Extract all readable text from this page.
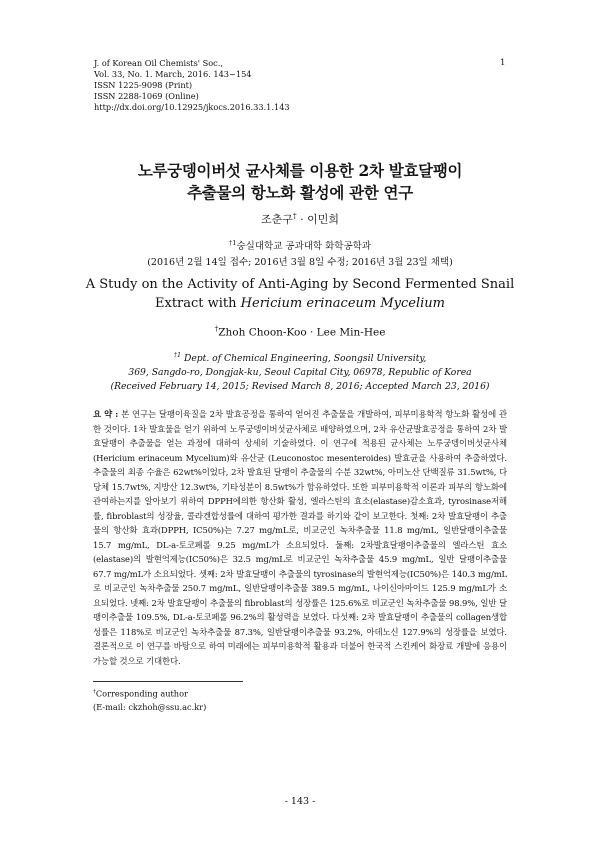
J. of Korean Oil Chemists' Soc.,
Vol. 33, No. 1. March, 2016. 143~154
ISSN 1225-9098 (Print)
ISSN 2288-1069 (Online)
http://dx.doi.org/10.12925/jkocs.2016.33.1.143
1
노루궁뎅이버섯 균사체를 이용한 2차 발효달팽이
추출물의 항노화 활성에 관한 연구
조춘구† · 이민희
$^{\dagger 1}$숭실대학교 공과대학 화학공학과
(2016년 2월 14일 접수; 2016년 3월 8일 수정; 2016년 3월 23일 채택)
A Study on the Activity of Anti-Aging by Second Fermented Snail
Extract with Hericium erinaceum Mycelium
†Zhoh Choon-Koo · Lee Min-Hee
$^{\dagger 1}$ Dept. of Chemical Engineering, Soongsil University,
369, Sangdo-ro, Dongjak-ku, Seoul Capital City, 06978, Republic of Korea
(Received February 14, 2015; Revised March 8, 2016; Accepted March 23, 2016)
요 약 : 본 연구는 달팽이육질을 2차 발효공정을 통하여 얻어진 추출물을 개발하여, 피부미용학적 항노화 활성에 관한 것이다. 1차 발효물을 얻기 위하여 노루궁뎅이버섯균사체로 배양하였으며, 2차 유산균발효공정을 통하여 2차 발효달팽이 추출물을 얻는 과정에 대하여 상세히 기술하였다. 이 연구에 적용된 균사체는 노루궁뎅이버섯균사체 (Hericium erinaceum Mycelium)와 유산균 (Leuconostoc mesenteroides) 발효균을 사용하여 추출하였다. 추출물의 최종 수율은 62wt%이었다, 2차 발효된 달팽이 추출물의 수분 32wt%, 아미노산 단백질류 31.5wt%, 다당체 15.7wt%, 지방산 12.3wt%, 기타성분이 8.5wt%가 함유하였다. 또한 피부미용학적 이론과 피부의 항노화에 관여하는지를 알아보기 위하여 DPPH에의한 항산화 활성, 엘라스틴의 효소(elastase)감소효과, tyrosinase저해률, fibroblast의 성장율, 콜라겐합성률에 대하여 평가한 결과를 하기와 같이 보고한다. 첫째: 2차 발효달팽이 추출물의 항산화 효과(DPPH, IC50%)는 7.27 mg/mL로, 비교군인 녹차추출물 11.8 mg/mL, 일반달팽이추출물 15.7 mg/mL, DL-a-토코페롤 9.25 mg/mL가 소요되었다. 둘째: 2차발효달팽이추출물의 엘라스틴 효소(elastase)의 발현억제능(IC50%)은 32.5 mg/mL로 비교군인 녹차추출물 45.9 mg/mL, 일반 달팽이추출물 67.7 mg/mL가 소요되었다. 셋째: 2차 발효달팽이 추출물의 tyrosinase의 발현억제능(IC50%)은 140.3 mg/mL로 비교군인 녹차추출물 250.7 mg/mL, 일반달팽이추출물 389.5 mg/mL, 나이신아마이드 125.9 mg/mL가 소요되었다. 넷째: 2차 발효달팽이 추출물의 fibroblast의 성장률은 125.6%로 비교군인 녹차추출물 98.9%, 일반 달팽이추출물 109.5%, DL-a-토코페롤 96.2%의 활성력을 보였다. 다섯째: 2차 발효달팽이 추출물의 collagen생합성률은 118%로 비교군인 녹차추출물 87.3%, 일반달팽이추출물 93.2%, 아데노신 127.9%의 성장률을 보였다. 결론적으로 이 연구를 바탕으로 하여 미래에는 피부미용학적 활용과 더불어 한국적 스킨케어 화장료 개발에 응용이 가능할 것으로 기대한다.
†Corresponding author
(E-mail: ckzhoh@ssu.ac.kr)
- 143 -
